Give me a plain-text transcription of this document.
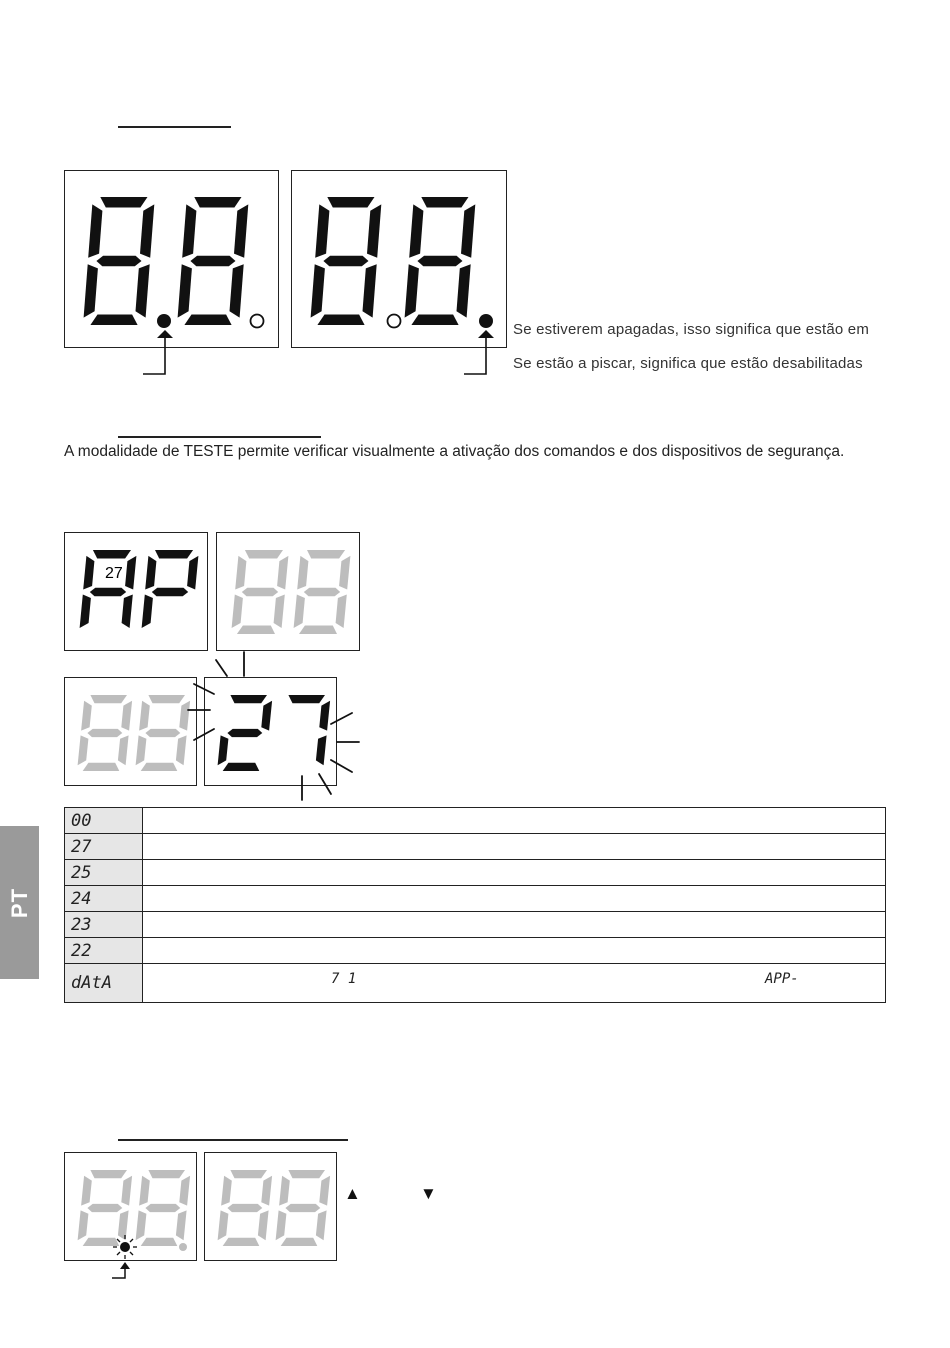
Se estiverem apagadas, isso significa que estão em
Se estão a piscar, significa que estão desabilitadas
A modalidade de TESTE permite verificar visualmente a ativação dos comandos e dos dispositivos de segurança.
27
00	
27	
25	
24	
23	
22	
dAtA	7 1 APP-
PT
▲	▼
